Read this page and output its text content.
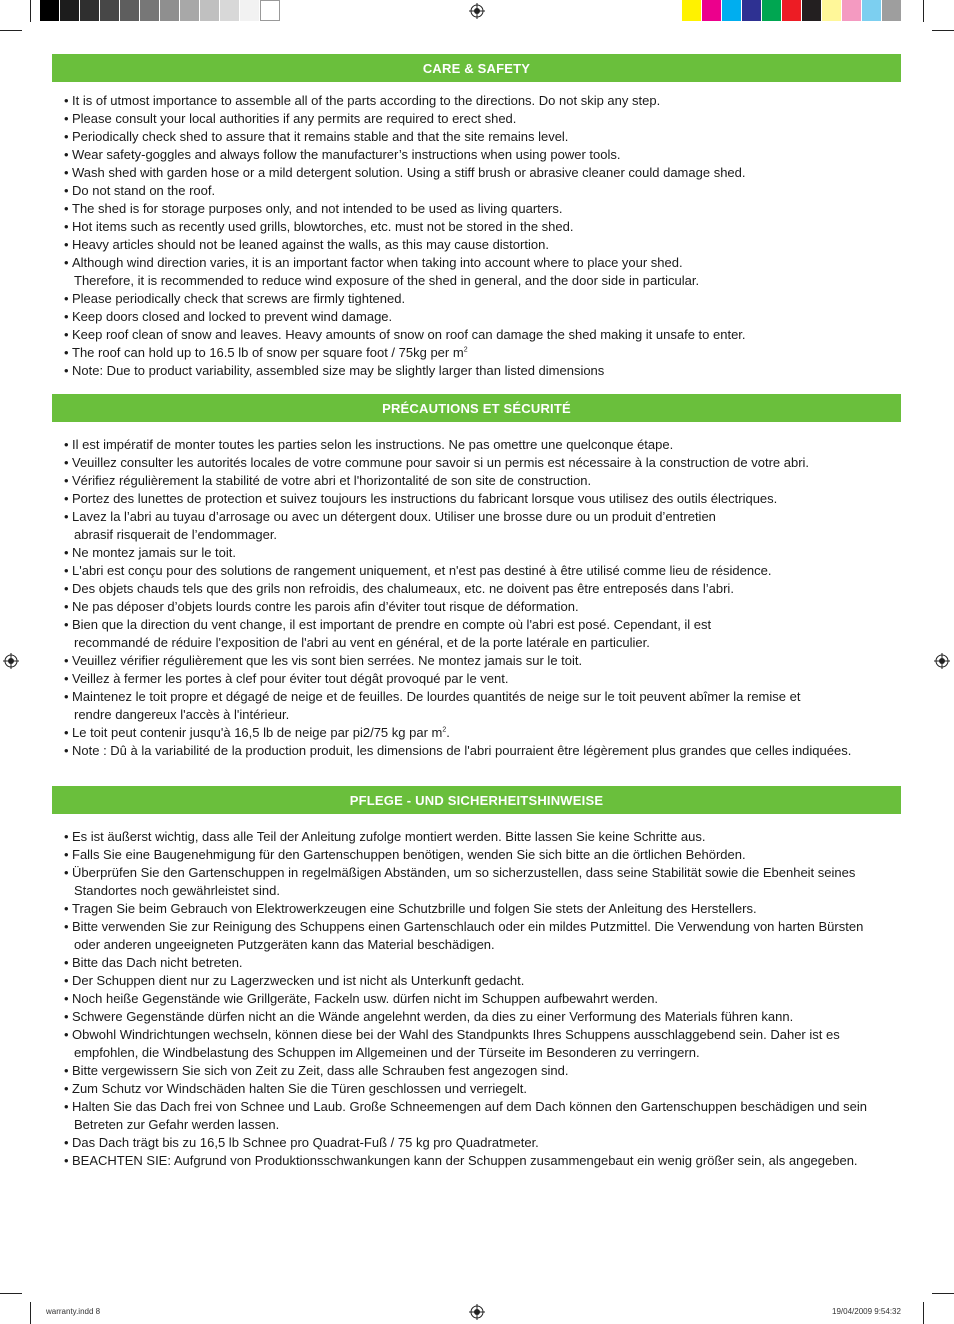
CARE & SAFETY
• It is of utmost importance to assemble all of the parts according to the directions. Do not skip any step.
• Please consult your local authorities if any permits are required to erect shed.
• Periodically check shed to assure that it remains stable and that the site remains level.
• Wear safety-goggles and always follow the manufacturer’s instructions when using power tools.
• Wash shed with garden hose or a mild detergent solution. Using a stiff brush or abrasive cleaner could damage shed.
• Do not stand on the roof.
• The shed is for storage purposes only, and not intended to be used as living quarters.
• Hot items such as recently used grills, blowtorches, etc. must not be stored in the shed.
• Heavy articles should not be leaned against the walls, as this may cause distortion.
• Although wind direction varies, it is an important factor when taking into account where to place your shed.
Therefore, it is recommended to reduce wind exposure of the shed in general, and the door side in particular.
• Please periodically check that screws are firmly tightened.
• Keep doors closed and locked to prevent wind damage.
• Keep roof clean of snow and leaves. Heavy amounts of snow on roof can damage the shed making it unsafe to enter.
• The roof can hold up to 16.5 lb of snow per square foot / 75kg per $m^2$
• Note: Due to product variability, assembled size may be slightly larger than listed dimensions
PRÉCAUTIONS ET SÉCURITÉ
• Il est impératif de monter toutes les parties selon les instructions. Ne pas omettre une quelconque étape.
• Veuillez consulter les autorités locales de votre commune pour savoir si un permis est nécessaire à la construction de votre abri.
• Vérifiez régulièrement la stabilité de votre abri et l'horizontalité de son site de construction.
• Portez des lunettes de protection et suivez toujours les instructions du fabricant lorsque vous utilisez des outils électriques.
• Lavez la l’abri au tuyau d’arrosage ou avec un détergent doux. Utiliser une brosse dure ou un produit d’entretien
abrasif risquerait de l’endommager.
• Ne montez jamais sur le toit.
• L'abri est conçu pour des solutions de rangement uniquement, et n'est pas destiné à être utilisé comme lieu de résidence.
• Des objets chauds tels que des grils non refroidis, des chalumeaux, etc. ne doivent pas être entreposés dans l’abri.
• Ne pas déposer d’objets lourds contre les parois afin d’éviter tout risque de déformation.
• Bien que la direction du vent change, il est important de prendre en compte où l'abri est posé. Cependant, il est
recommandé de réduire l'exposition de l'abri au vent en général, et de la porte latérale en particulier.
• Veuillez vérifier régulièrement que les vis sont bien serrées. Ne montez jamais sur le toit.
• Veillez à fermer les portes à clef pour éviter tout dégât provoqué par le vent.
• Maintenez le toit propre et dégagé de neige et de feuilles. De lourdes quantités de neige sur le toit peuvent abîmer la remise et
rendre dangereux l'accès à l'intérieur.
• Le toit peut contenir jusqu'à 16,5 lb de neige par pi2/75 kg par $m^2$.
• Note : Dû à la variabilité de la production produit, les dimensions de l'abri pourraient être légèrement plus grandes que celles indiquées.
PFLEGE - UND SICHERHEITSHINWEISE
• Es ist äußerst wichtig, dass alle Teil der Anleitung zufolge montiert werden. Bitte lassen Sie keine Schritte aus.
• Falls Sie eine Baugenehmigung für den Gartenschuppen benötigen, wenden Sie sich bitte an die örtlichen Behörden.
• Überprüfen Sie den Gartenschuppen in regelmäßigen Abständen, um so sicherzustellen, dass seine Stabilität sowie die Ebenheit seines
Standortes noch gewährleistet sind.
• Tragen Sie beim Gebrauch von Elektrowerkzeugen eine Schutzbrille und folgen Sie stets der Anleitung des Herstellers.
• Bitte verwenden Sie zur Reinigung des Schuppens einen Gartenschlauch oder ein mildes Putzmittel. Die Verwendung von harten Bürsten
oder anderen ungeeigneten Putzgeräten kann das Material beschädigen.
• Bitte das Dach nicht betreten.
• Der Schuppen dient nur zu Lagerzwecken und ist nicht als Unterkunft gedacht.
• Noch heiße Gegenstände wie Grillgeräte, Fackeln usw. dürfen nicht im Schuppen aufbewahrt werden.
• Schwere Gegenstände dürfen nicht an die Wände angelehnt werden, da dies zu einer Verformung des Materials führen kann.
• Obwohl Windrichtungen wechseln, können diese bei der Wahl des Standpunkts Ihres Schuppens ausschlaggebend sein. Daher ist es
empfohlen, die Windbelastung des Schuppen im Allgemeinen und der Türseite im Besonderen zu verringern.
• Bitte vergewissern Sie sich von Zeit zu Zeit, dass alle Schrauben fest angezogen sind.
• Zum Schutz vor Windschäden halten Sie die Türen geschlossen und verriegelt.
• Halten Sie das Dach frei von Schnee und Laub. Große Schneemengen auf dem Dach können den Gartenschuppen beschädigen und sein
Betreten zur Gefahr werden lassen.
• Das Dach trägt bis zu 16,5 lb Schnee pro Quadrat-Fuß / 75 kg pro Quadratmeter.
• BEACHTEN SIE: Aufgrund von Produktionsschwankungen kann der Schuppen zusammengebaut ein wenig größer sein, als angegeben.
warranty.indd 8	19/04/2009 9:54:32
